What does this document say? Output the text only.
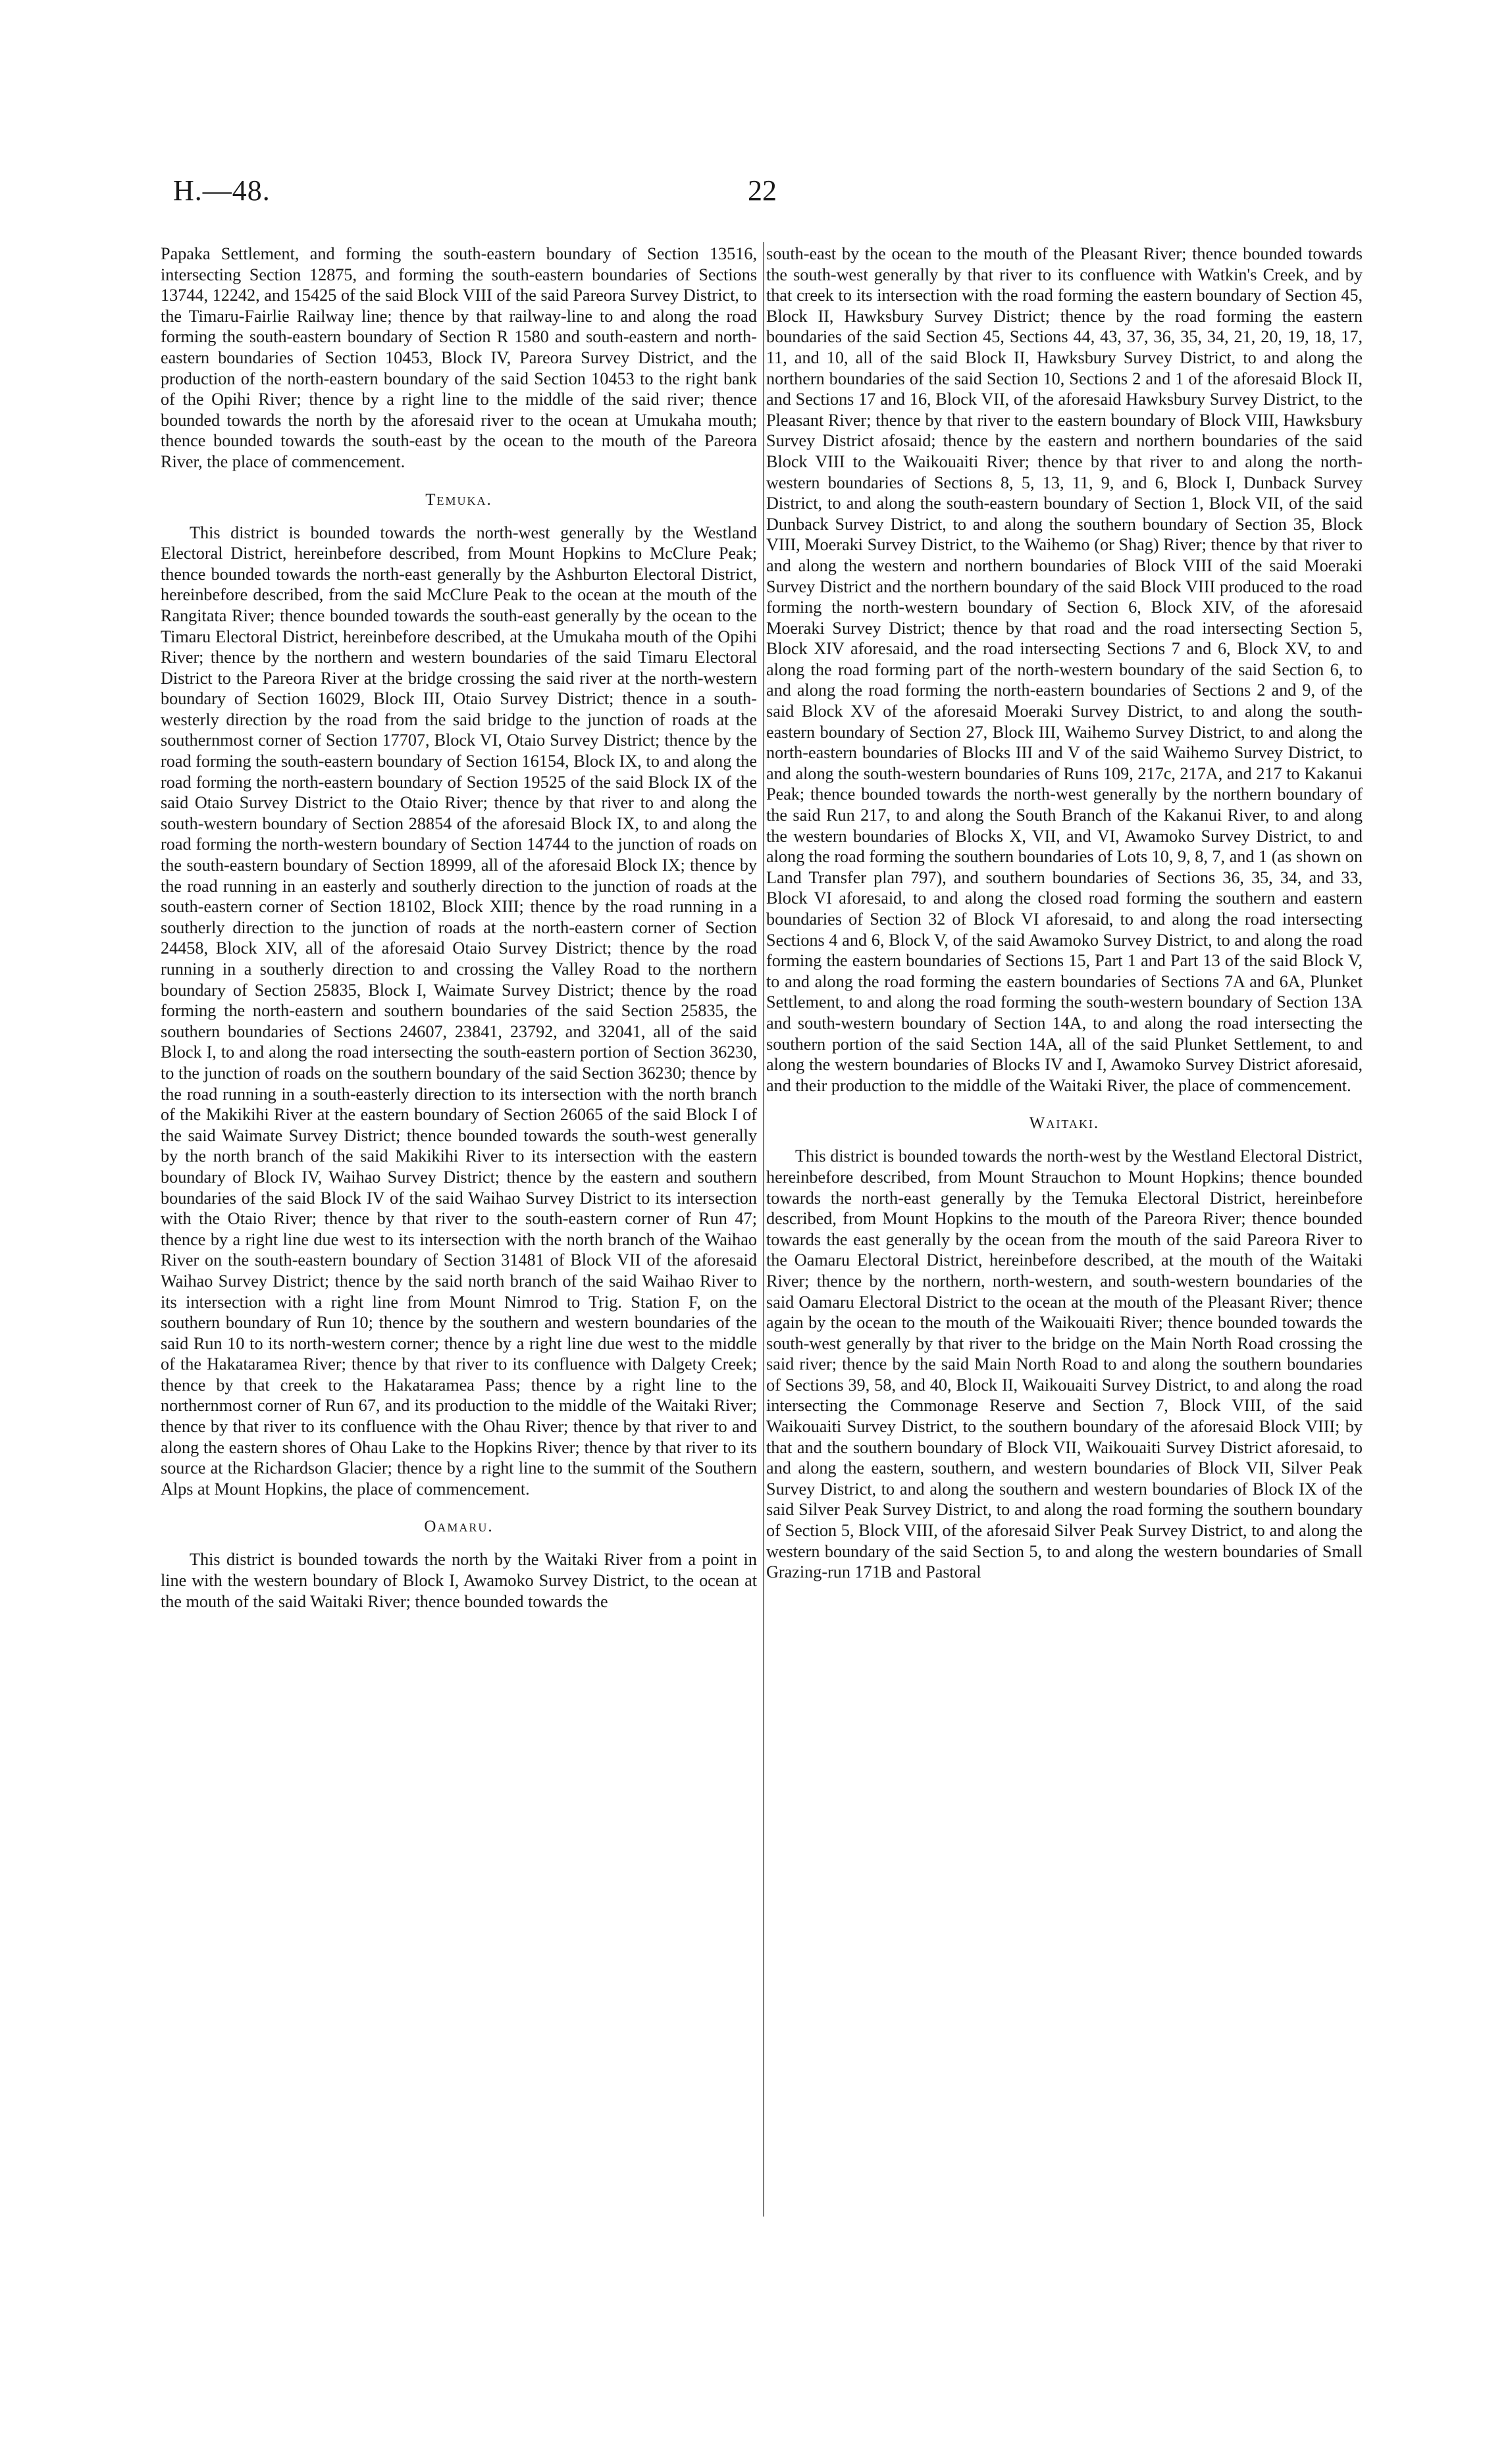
H.—48.	22

Papaka Settlement, and forming the south-eastern boundary of Section 13516, intersecting Section 12875, and forming the south-eastern boundaries of Sections 13744, 12242, and 15425 of the said Block VIII of the said Pareora Survey District, to the Timaru-Fairlie Railway line; thence by that railway-line to and along the road forming the south-eastern boundary of Section R 1580 and south-eastern and north-eastern boundaries of Section 10453, Block IV, Pareora Survey District, and the production of the north-eastern boundary of the said Section 10453 to the right bank of the Opihi River; thence by a right line to the middle of the said river; thence bounded towards the north by the aforesaid river to the ocean at Umukaha mouth; thence bounded towards the south-east by the ocean to the mouth of the Pareora River, the place of commencement.

Temuka.

This district is bounded towards the north-west generally by the Westland Electoral District, hereinbefore described, from Mount Hopkins to McClure Peak; thence bounded towards the north-east generally by the Ashburton Electoral District, hereinbefore described, from the said McClure Peak to the ocean at the mouth of the Rangitata River; thence bounded towards the south-east generally by the ocean to the Timaru Electoral District, hereinbefore described, at the Umukaha mouth of the Opihi River; thence by the northern and western boundaries of the said Timaru Electoral District to the Pareora River at the bridge crossing the said river at the north-western boundary of Section 16029, Block III, Otaio Survey District; thence in a south-westerly direction by the road from the said bridge to the junction of roads at the southernmost corner of Section 17707, Block VI, Otaio Survey District; thence by the road forming the south-eastern boundary of Section 16154, Block IX, to and along the road forming the north-eastern boundary of Section 19525 of the said Block IX of the said Otaio Survey District to the Otaio River; thence by that river to and along the south-western boundary of Section 28854 of the aforesaid Block IX, to and along the road forming the north-western boundary of Section 14744 to the junction of roads on the south-eastern boundary of Section 18999, all of the aforesaid Block IX; thence by the road running in an easterly and southerly direction to the junction of roads at the south-eastern corner of Section 18102, Block XIII; thence by the road running in a southerly direction to the junction of roads at the north-eastern corner of Section 24458, Block XIV, all of the aforesaid Otaio Survey District; thence by the road running in a southerly direction to and crossing the Valley Road to the northern boundary of Section 25835, Block I, Waimate Survey District; thence by the road forming the north-eastern and southern boundaries of the said Section 25835, the southern boundaries of Sections 24607, 23841, 23792, and 32041, all of the said Block I, to and along the road intersecting the south-eastern portion of Section 36230, to the junction of roads on the southern boundary of the said Section 36230; thence by the road running in a south-easterly direction to its intersection with the north branch of the Makikihi River at the eastern boundary of Section 26065 of the said Block I of the said Waimate Survey District; thence bounded towards the south-west generally by the north branch of the said Makikihi River to its intersection with the eastern boundary of Block IV, Waihao Survey District; thence by the eastern and southern boundaries of the said Block IV of the said Waihao Survey District to its intersection with the Otaio River; thence by that river to the south-eastern corner of Run 47; thence by a right line due west to its intersection with the north branch of the Waihao River on the south-eastern boundary of Section 31481 of Block VII of the aforesaid Waihao Survey District; thence by the said north branch of the said Waihao River to its intersection with a right line from Mount Nimrod to Trig. Station F, on the southern boundary of Run 10; thence by the southern and western boundaries of the said Run 10 to its north-western corner; thence by a right line due west to the middle of the Hakataramea River; thence by that river to its confluence with Dalgety Creek; thence by that creek to the Hakataramea Pass; thence by a right line to the northernmost corner of Run 67, and its production to the middle of the Waitaki River; thence by that river to its confluence with the Ohau River; thence by that river to and along the eastern shores of Ohau Lake to the Hopkins River; thence by that river to its source at the Richardson Glacier; thence by a right line to the summit of the Southern Alps at Mount Hopkins, the place of commencement.

Oamaru.

This district is bounded towards the north by the Waitaki River from a point in line with the western boundary of Block I, Awamoko Survey District, to the ocean at the mouth of the said Waitaki River; thence bounded towards the

south-east by the ocean to the mouth of the Pleasant River; thence bounded towards the south-west generally by that river to its confluence with Watkin's Creek, and by that creek to its intersection with the road forming the eastern boundary of Section 45, Block II, Hawksbury Survey District; thence by the road forming the eastern boundaries of the said Section 45, Sections 44, 43, 37, 36, 35, 34, 21, 20, 19, 18, 17, 11, and 10, all of the said Block II, Hawksbury Survey District, to and along the northern boundaries of the said Section 10, Sections 2 and 1 of the aforesaid Block II, and Sections 17 and 16, Block VII, of the aforesaid Hawksbury Survey District, to the Pleasant River; thence by that river to the eastern boundary of Block VIII, Hawksbury Survey District afosaid; thence by the eastern and northern boundaries of the said Block VIII to the Waikouaiti River; thence by that river to and along the north-western boundaries of Sections 8, 5, 13, 11, 9, and 6, Block I, Dunback Survey District, to and along the south-eastern boundary of Section 1, Block VII, of the said Dunback Survey District, to and along the southern boundary of Section 35, Block VIII, Moeraki Survey District, to the Waihemo (or Shag) River; thence by that river to and along the western and northern boundaries of Block VIII of the said Moeraki Survey District and the northern boundary of the said Block VIII produced to the road forming the north-western boundary of Section 6, Block XIV, of the aforesaid Moeraki Survey District; thence by that road and the road intersecting Section 5, Block XIV aforesaid, and the road intersecting Sections 7 and 6, Block XV, to and along the road forming part of the north-western boundary of the said Section 6, to and along the road forming the north-eastern boundaries of Sections 2 and 9, of the said Block XV of the aforesaid Moeraki Survey District, to and along the south-eastern boundary of Section 27, Block III, Waihemo Survey District, to and along the north-eastern boundaries of Blocks III and V of the said Waihemo Survey District, to and along the south-western boundaries of Runs 109, 217c, 217A, and 217 to Kakanui Peak; thence bounded towards the north-west generally by the northern boundary of the said Run 217, to and along the South Branch of the Kakanui River, to and along the western boundaries of Blocks X, VII, and VI, Awamoko Survey District, to and along the road forming the southern boundaries of Lots 10, 9, 8, 7, and 1 (as shown on Land Transfer plan 797), and southern boundaries of Sections 36, 35, 34, and 33, Block VI aforesaid, to and along the closed road forming the southern and eastern boundaries of Section 32 of Block VI aforesaid, to and along the road intersecting Sections 4 and 6, Block V, of the said Awamoko Survey District, to and along the road forming the eastern boundaries of Sections 15, Part 1 and Part 13 of the said Block V, to and along the road forming the eastern boundaries of Sections 7A and 6A, Plunket Settlement, to and along the road forming the south-western boundary of Section 13A and south-western boundary of Section 14A, to and along the road intersecting the southern portion of the said Section 14A, all of the said Plunket Settlement, to and along the western boundaries of Blocks IV and I, Awamoko Survey District aforesaid, and their production to the middle of the Waitaki River, the place of commencement.

Waitaki.

This district is bounded towards the north-west by the Westland Electoral District, hereinbefore described, from Mount Strauchon to Mount Hopkins; thence bounded towards the north-east generally by the Temuka Electoral District, hereinbefore described, from Mount Hopkins to the mouth of the Pareora River; thence bounded towards the east generally by the ocean from the mouth of the said Pareora River to the Oamaru Electoral District, hereinbefore described, at the mouth of the Waitaki River; thence by the northern, north-western, and south-western boundaries of the said Oamaru Electoral District to the ocean at the mouth of the Pleasant River; thence again by the ocean to the mouth of the Waikouaiti River; thence bounded towards the south-west generally by that river to the bridge on the Main North Road crossing the said river; thence by the said Main North Road to and along the southern boundaries of Sections 39, 58, and 40, Block II, Waikouaiti Survey District, to and along the road intersecting the Commonage Reserve and Section 7, Block VIII, of the said Waikouaiti Survey District, to the southern boundary of the aforesaid Block VIII; by that and the southern boundary of Block VII, Waikouaiti Survey District aforesaid, to and along the eastern, southern, and western boundaries of Block VII, Silver Peak Survey District, to and along the southern and western boundaries of Block IX of the said Silver Peak Survey District, to and along the road forming the southern boundary of Section 5, Block VIII, of the aforesaid Silver Peak Survey District, to and along the western boundary of the said Section 5, to and along the western boundaries of Small Grazing-run 171B and Pastoral
